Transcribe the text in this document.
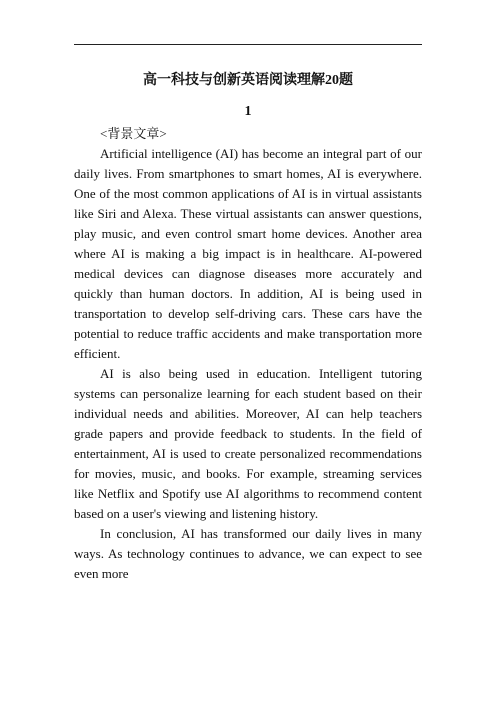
高一科技与创新英语阅读理解20题
1

<背景文章>

Artificial intelligence (AI) has become an integral part of our daily lives. From smartphones to smart homes, AI is everywhere. One of the most common applications of AI is in virtual assistants like Siri and Alexa. These virtual assistants can answer questions, play music, and even control smart home devices. Another area where AI is making a big impact is in healthcare. AI-powered medical devices can diagnose diseases more accurately and quickly than human doctors. In addition, AI is being used in transportation to develop self-driving cars. These cars have the potential to reduce traffic accidents and make transportation more efficient.

AI is also being used in education. Intelligent tutoring systems can personalize learning for each student based on their individual needs and abilities. Moreover, AI can help teachers grade papers and provide feedback to students. In the field of entertainment, AI is used to create personalized recommendations for movies, music, and books. For example, streaming services like Netflix and Spotify use AI algorithms to recommend content based on a user's viewing and listening history.

In conclusion, AI has transformed our daily lives in many ways. As technology continues to advance, we can expect to see even more
